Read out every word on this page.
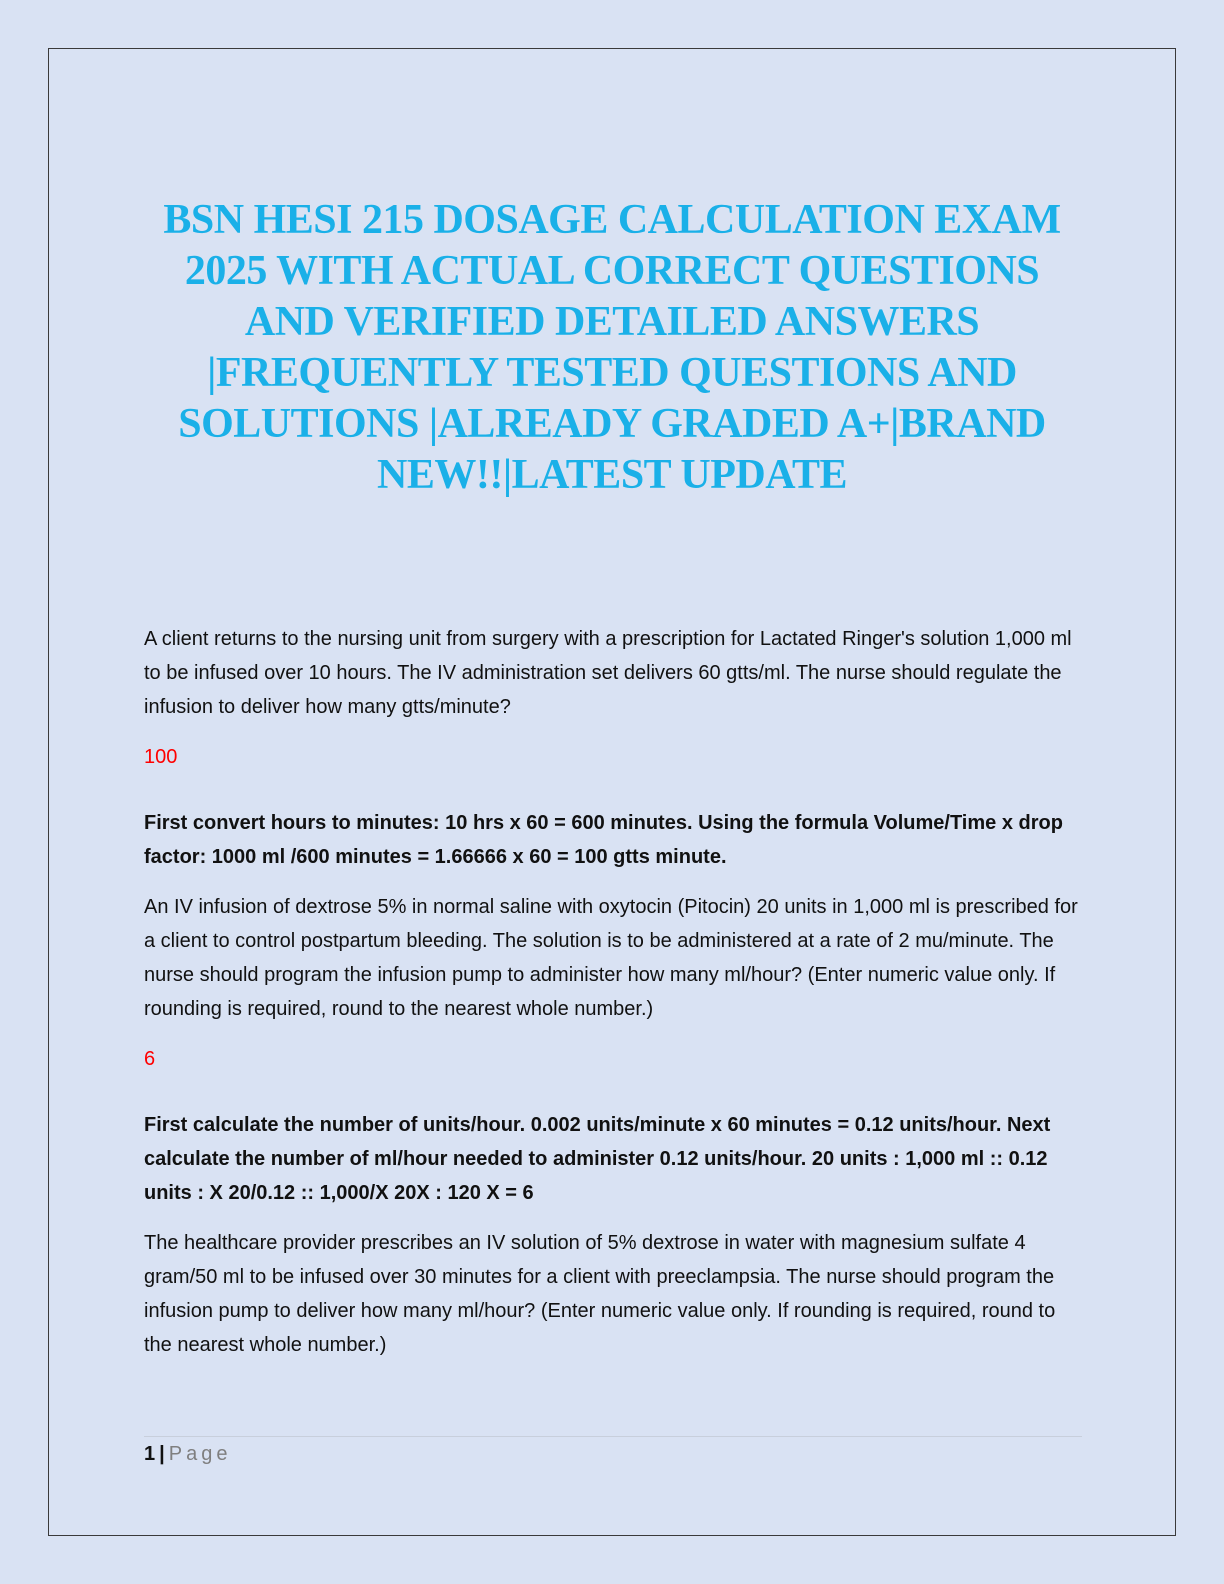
BSN HESI 215 DOSAGE CALCULATION EXAM 2025 WITH ACTUAL CORRECT QUESTIONS AND VERIFIED DETAILED ANSWERS |FREQUENTLY TESTED QUESTIONS AND SOLUTIONS |ALREADY GRADED A+|BRAND NEW!!|LATEST UPDATE

A client returns to the nursing unit from surgery with a prescription for Lactated Ringer's solution 1,000 ml to be infused over 10 hours. The IV administration set delivers 60 gtts/ml. The nurse should regulate the infusion to deliver how many gtts/minute?

100

First convert hours to minutes: 10 hrs x 60 = 600 minutes. Using the formula Volume/Time x drop factor: 1000 ml /600 minutes = 1.66666 x 60 = 100 gtts minute.

An IV infusion of dextrose 5% in normal saline with oxytocin (Pitocin) 20 units in 1,000 ml is prescribed for a client to control postpartum bleeding. The solution is to be administered at a rate of 2 mu/minute. The nurse should program the infusion pump to administer how many ml/hour? (Enter numeric value only. If rounding is required, round to the nearest whole number.)

6

First calculate the number of units/hour. 0.002 units/minute x 60 minutes = 0.12 units/hour. Next calculate the number of ml/hour needed to administer 0.12 units/hour. 20 units : 1,000 ml :: 0.12 units : X 20/0.12 :: 1,000/X 20X : 120 X = 6

The healthcare provider prescribes an IV solution of 5% dextrose in water with magnesium sulfate 4 gram/50 ml to be infused over 30 minutes for a client with preeclampsia. The nurse should program the infusion pump to deliver how many ml/hour? (Enter numeric value only. If rounding is required, round to the nearest whole number.)

1 | Page
